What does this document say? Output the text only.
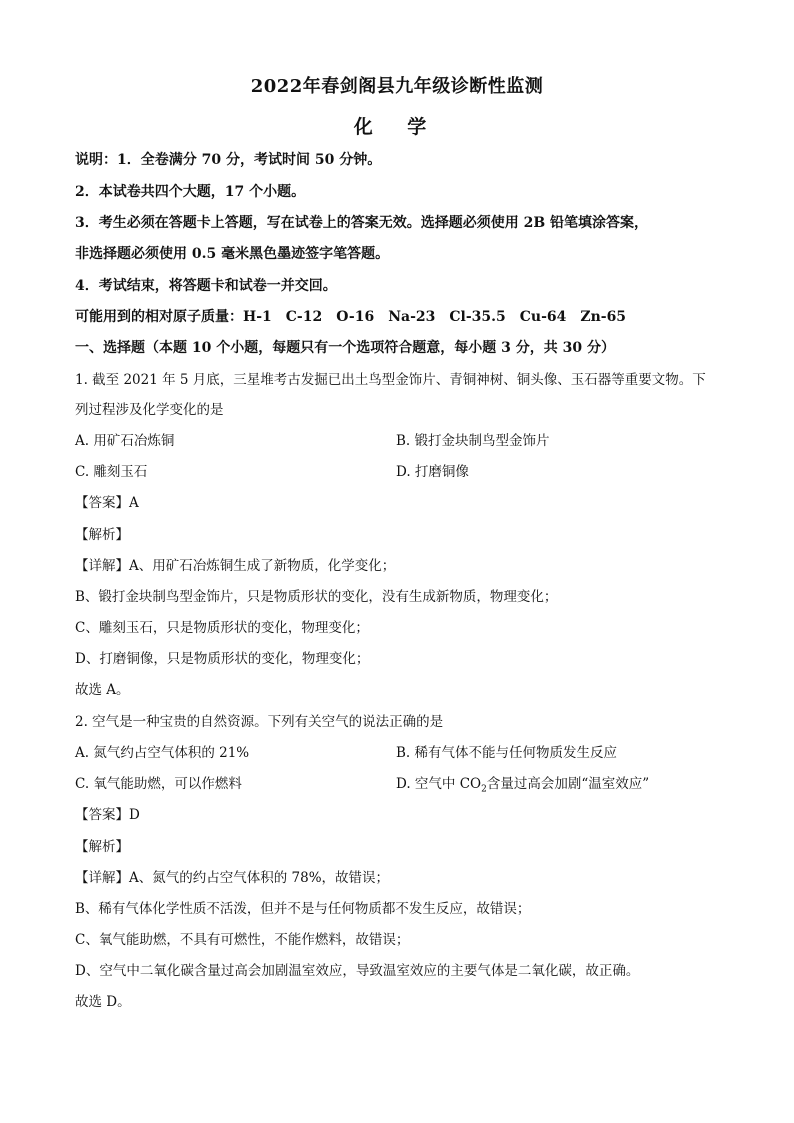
2022年春剑阁县九年级诊断性监测
化 学
说明：1．全卷满分 70 分，考试时间 50 分钟。
2．本试卷共四个大题，17 个小题。
3．考生必须在答题卡上答题，写在试卷上的答案无效。选择题必须使用 2B 铅笔填涂答案，
非选择题必须使用 0.5 毫米黑色墨迹签字笔答题。
4．考试结束，将答题卡和试卷一并交回。
可能用到的相对原子质量：H-1　C-12　O-16　Na-23　Cl-35.5　Cu-64　Zn-65
一、选择题（本题 10 个小题，每题只有一个选项符合题意，每小题 3 分，共 30 分）
1. 截至 2021 年 5 月底，三星堆考古发掘已出土鸟型金饰片、青铜神树、铜头像、玉石器等重要文物。下
列过程涉及化学变化的是
A. 用矿石冶炼铜	B. 锻打金块制鸟型金饰片
C. 雕刻玉石	D. 打磨铜像
【答案】A
【解析】
【详解】A、用矿石冶炼铜生成了新物质，化学变化；
B、锻打金块制鸟型金饰片，只是物质形状的变化，没有生成新物质，物理变化；
C、雕刻玉石，只是物质形状的变化，物理变化；
D、打磨铜像，只是物质形状的变化，物理变化；
故选 A。
2. 空气是一种宝贵的自然资源。下列有关空气的说法正确的是
A. 氮气约占空气体积的 21%	B. 稀有气体不能与任何物质发生反应
C. 氧气能助燃，可以作燃料	D. 空气中 $CO_2$含量过高会加剧“温室效应”
【答案】D
【解析】
【详解】A、氮气的约占空气体积的 78%，故错误；
B、稀有气体化学性质不活泼，但并不是与任何物质都不发生反应，故错误；
C、氧气能助燃，不具有可燃性，不能作燃料，故错误；
D、空气中二氧化碳含量过高会加剧温室效应，导致温室效应的主要气体是二氧化碳，故正确。
故选 D。
